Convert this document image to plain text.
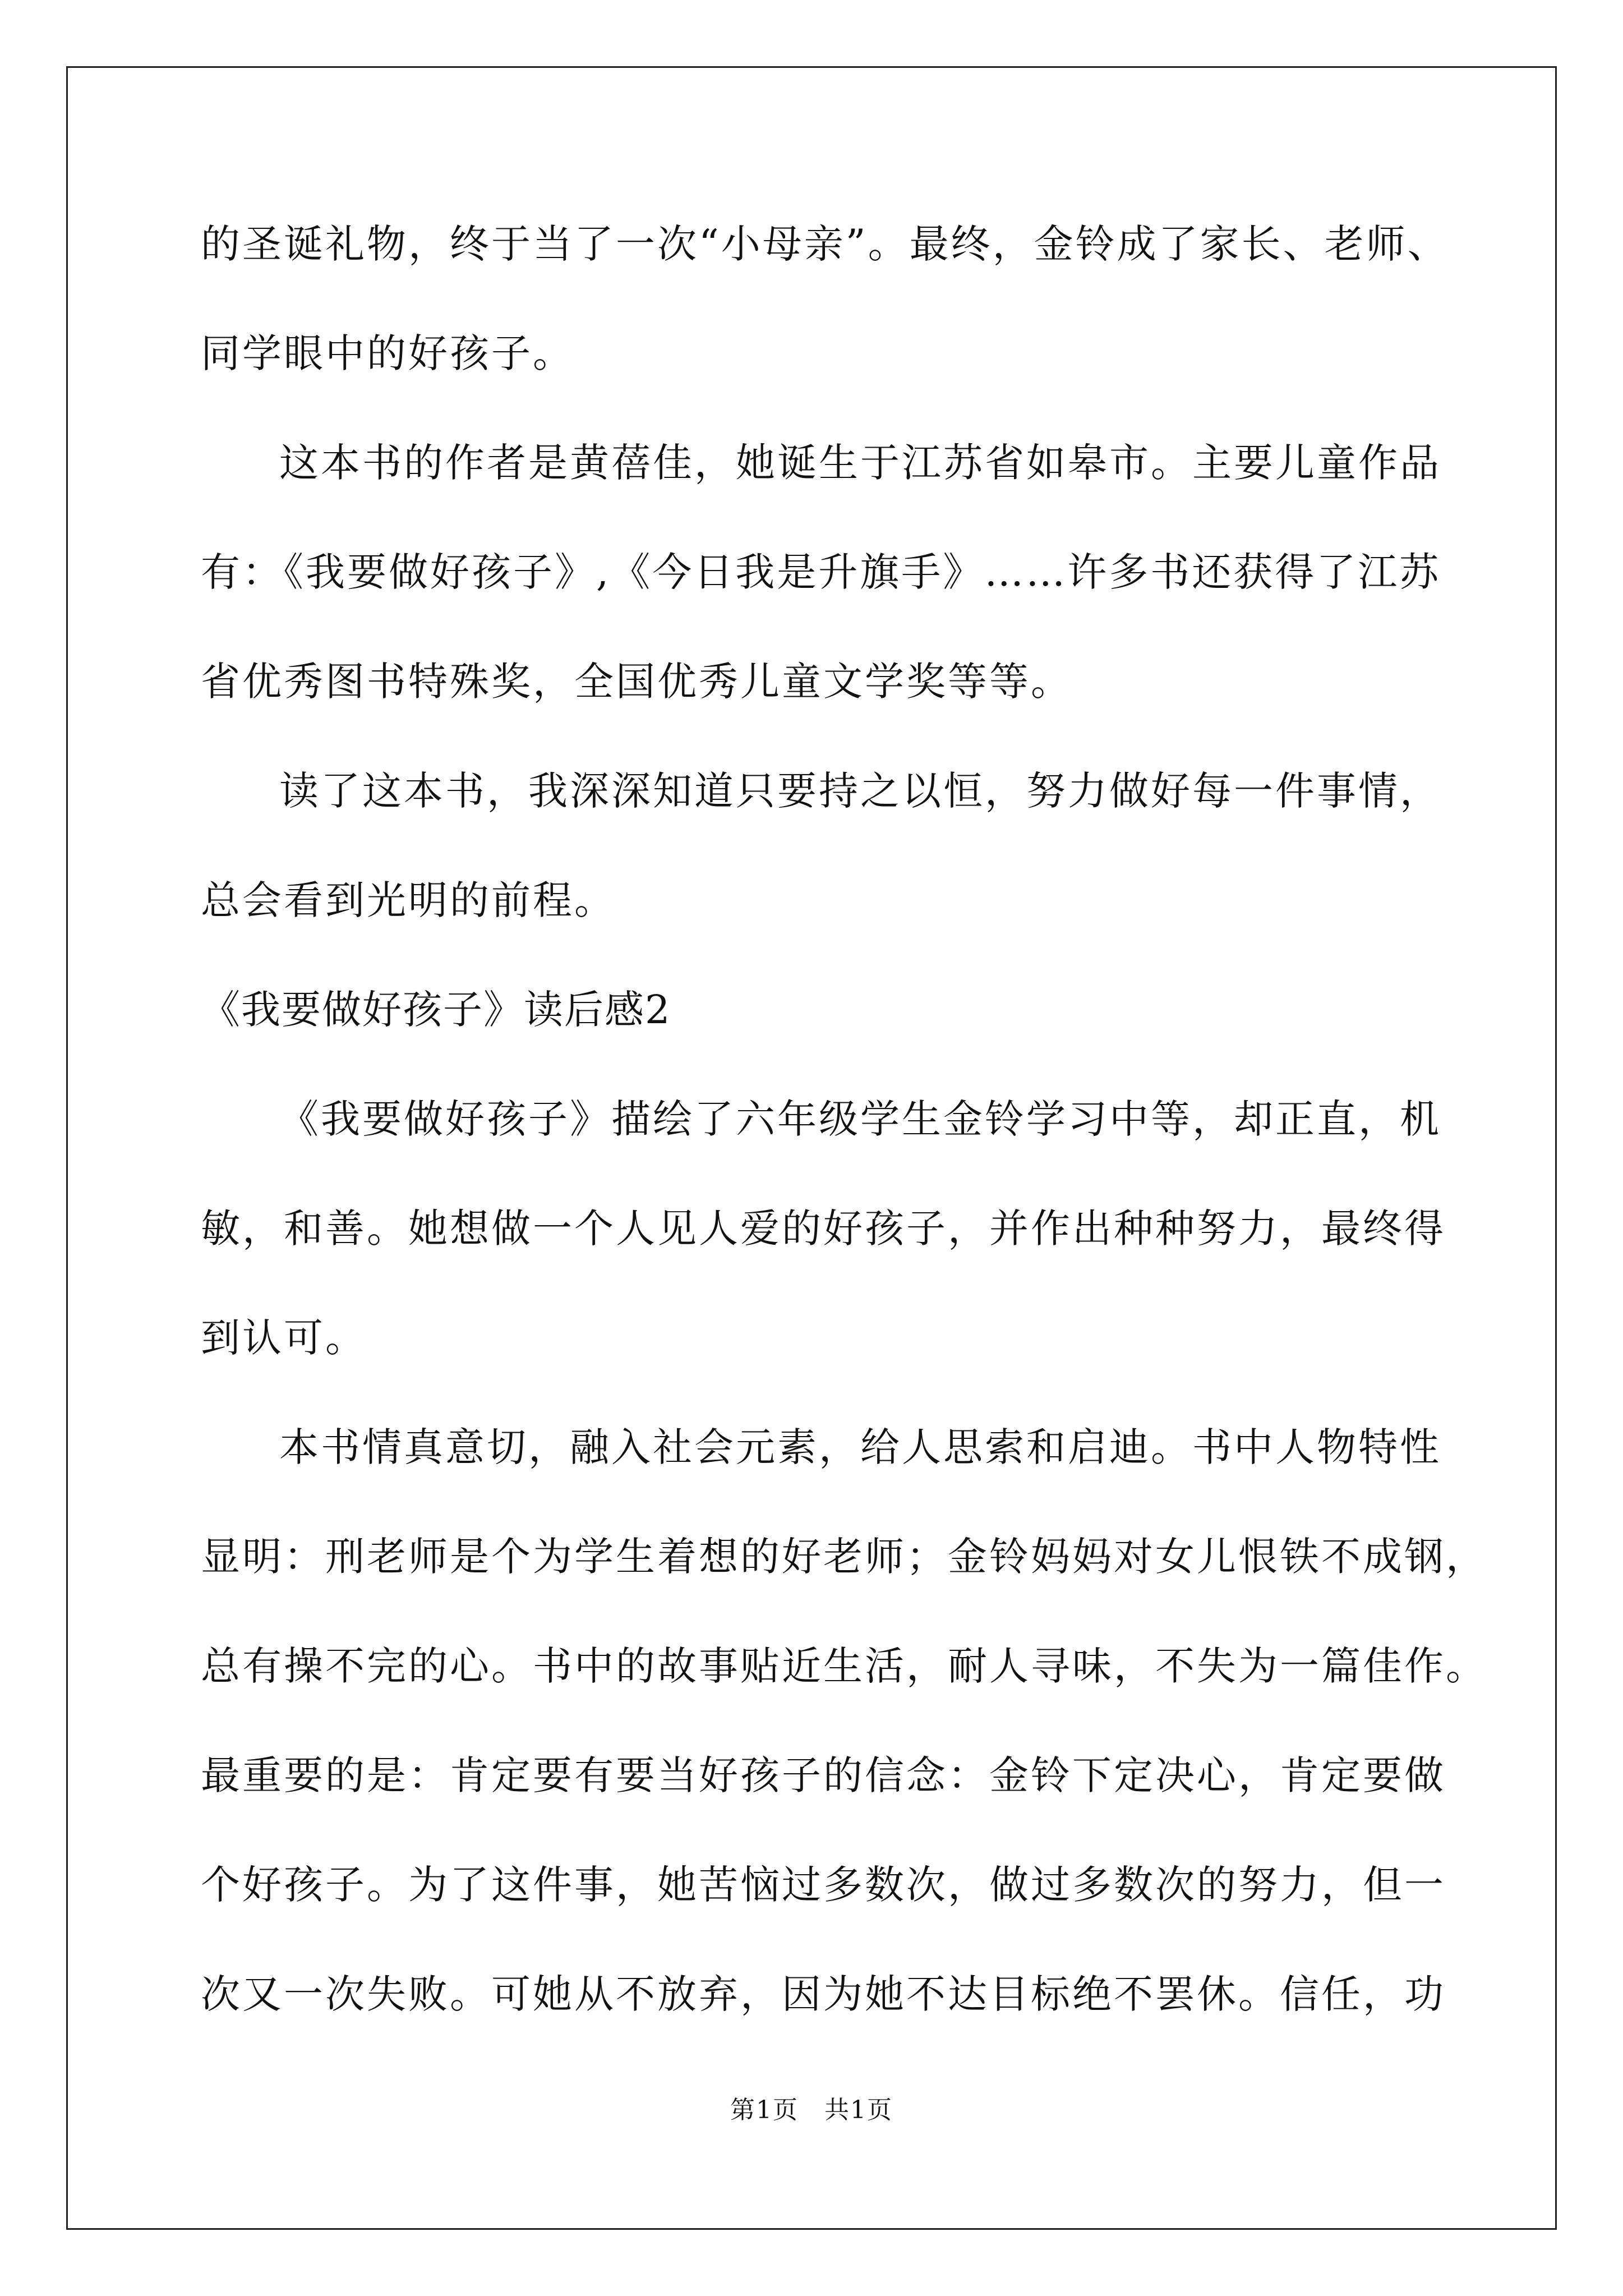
的圣诞礼物，终于当了一次“小母亲”。最终，金铃成了家长、老师、
同学眼中的好孩子。
这本书的作者是黄蓓佳，她诞生于江苏省如皋市。主要儿童作品
有：《我要做好孩子》,《今日我是升旗手》……许多书还获得了江苏
省优秀图书特殊奖，全国优秀儿童文学奖等等。
读了这本书，我深深知道只要持之以恒，努力做好每一件事情，
总会看到光明的前程。
《我要做好孩子》读后感2
《我要做好孩子》描绘了六年级学生金铃学习中等，却正直，机
敏，和善。她想做一个人见人爱的好孩子，并作出种种努力，最终得
到认可。
本书情真意切，融入社会元素，给人思索和启迪。书中人物特性
显明：刑老师是个为学生着想的好老师；金铃妈妈对女儿恨铁不成钢，
总有操不完的心。书中的故事贴近生活，耐人寻味，不失为一篇佳作。
最重要的是：肯定要有要当好孩子的信念：金铃下定决心，肯定要做
个好孩子。为了这件事，她苦恼过多数次，做过多数次的努力，但一
次又一次失败。可她从不放弃，因为她不达目标绝不罢休。信任，功
第1页　共1页
